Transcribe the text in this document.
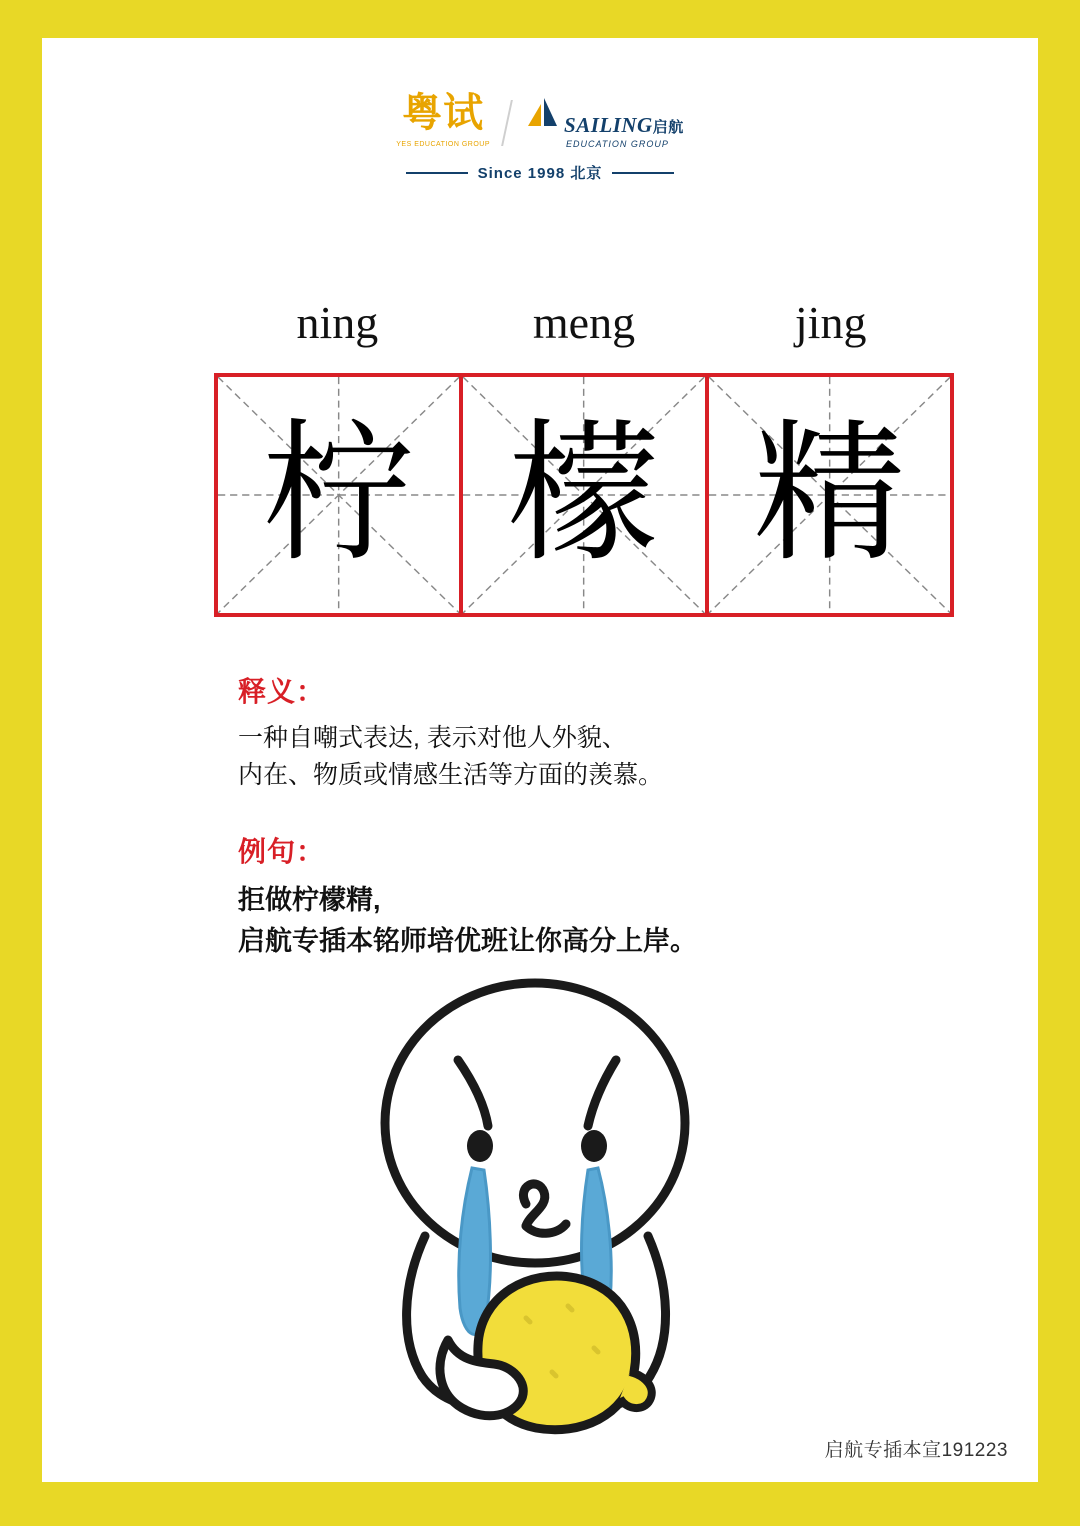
粤试
YES EDUCATION GROUP
SAILING启航
EDUCATION GROUP
Since 1998 北京
ning	meng	jing
柠 檬 精
释义：
一种自嘲式表达, 表示对他人外貌、
内在、物质或情感生活等方面的羡慕。
例句：
拒做柠檬精,
启航专插本铭师培优班让你高分上岸。
启航专插本宣191223
